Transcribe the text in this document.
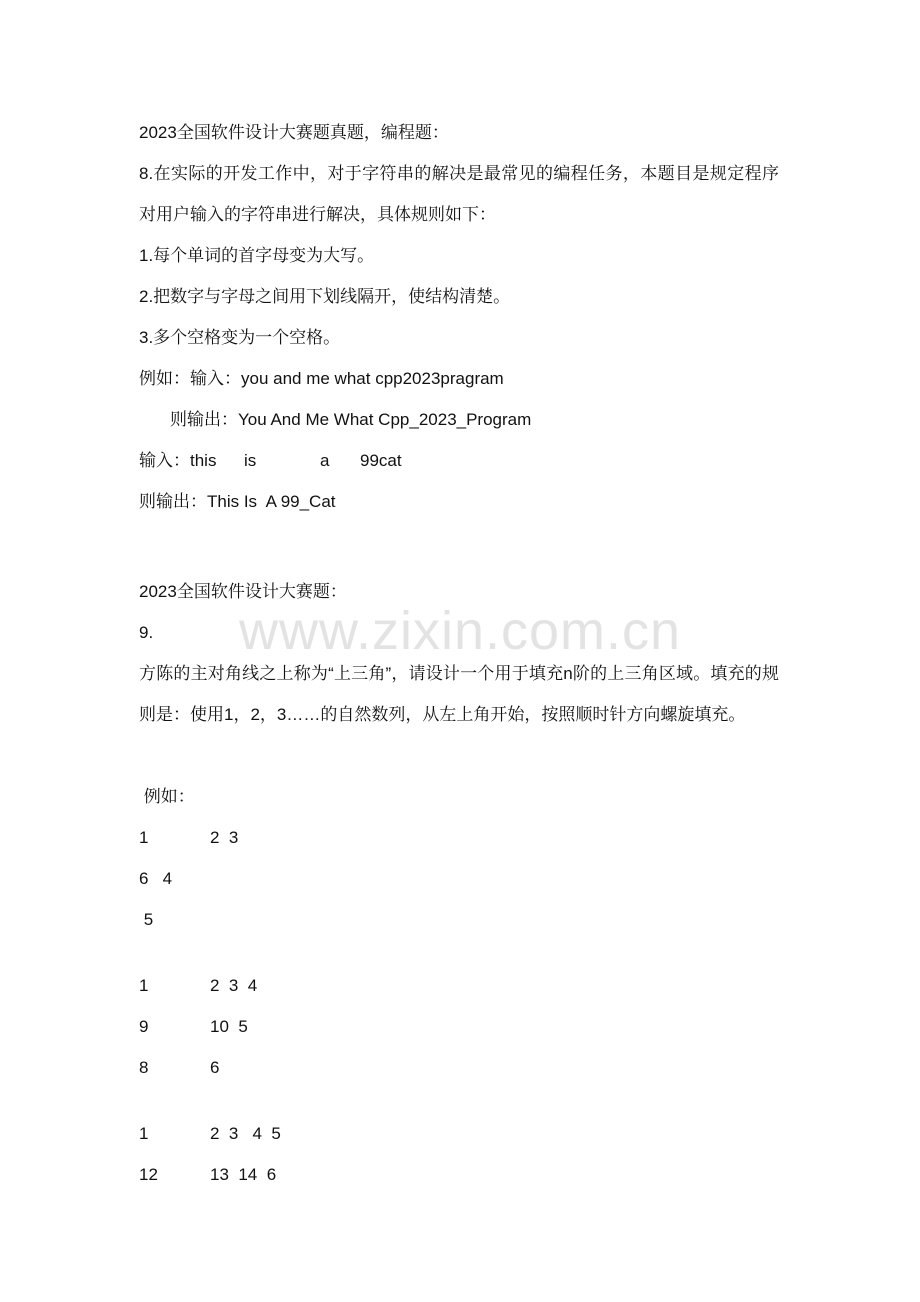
www.zixin.com.cn
2023全国软件设计大赛题真题，编程题：
8.在实际的开发工作中，对于字符串的解决是最常见的编程任务，本题目是规定程序对用户输入的字符串进行解决，具体规则如下：
1.每个单词的首字母变为大写。
2.把数字与字母之间用下划线隔开，使结构清楚。
3.多个空格变为一个空格。
例如：输入：you and me what cpp2023pragram
则输出：You And Me What Cpp_2023_Program
输入：this is	a 99cat
则输出：This Is  A 99_Cat
2023全国软件设计大赛题：
9.
方陈的主对角线之上称为“上三角”，请设计一个用于填充n阶的上三角区域。填充的规则是：使用1，2，3……的自然数列，从左上角开始，按照顺时针方向螺旋填充。
例如：
1	2  3
6   4
5
1	2  3  4
9	10  5
8	6
1	2  3   4  5
12	13  14  6
